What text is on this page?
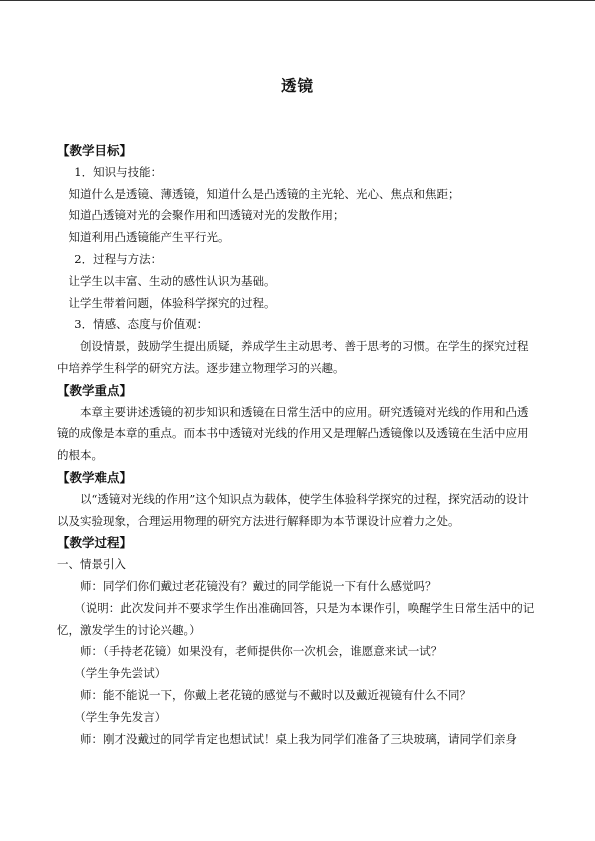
透镜
【教学目标】

1．知识与技能：

知道什么是透镜、薄透镜，知道什么是凸透镜的主光轮、光心、焦点和焦距；

知道凸透镜对光的会聚作用和凹透镜对光的发散作用；

知道利用凸透镜能产生平行光。

2．过程与方法：

让学生以丰富、生动的感性认识为基础。

让学生带着问题，体验科学探究的过程。

3．情感、态度与价值观：

创设情景，鼓励学生提出质疑，养成学生主动思考、善于思考的习惯。在学生的探究过程中培养学生科学的研究方法。逐步建立物理学习的兴趣。

【教学重点】

本章主要讲述透镜的初步知识和透镜在日常生活中的应用。研究透镜对光线的作用和凸透镜的成像是本章的重点。而本书中透镜对光线的作用又是理解凸透镜像以及透镜在生活中应用的根本。

【教学难点】

以“透镜对光线的作用”这个知识点为载体，使学生体验科学探究的过程，探究活动的设计以及实验现象，合理运用物理的研究方法进行解释即为本节课设计应着力之处。

【教学过程】

一、情景引入

师：同学们你们戴过老花镜没有？戴过的同学能说一下有什么感觉吗？

（说明：此次发问并不要求学生作出准确回答，只是为本课作引，唤醒学生日常生活中的记忆，激发学生的讨论兴趣。）

师：（手持老花镜）如果没有，老师提供你一次机会，谁愿意来试一试？

（学生争先尝试）

师：能不能说一下，你戴上老花镜的感觉与不戴时以及戴近视镜有什么不同？

（学生争先发言）

师：刚才没戴过的同学肯定也想试试！桌上我为同学们准备了三块玻璃，请同学们亲身
